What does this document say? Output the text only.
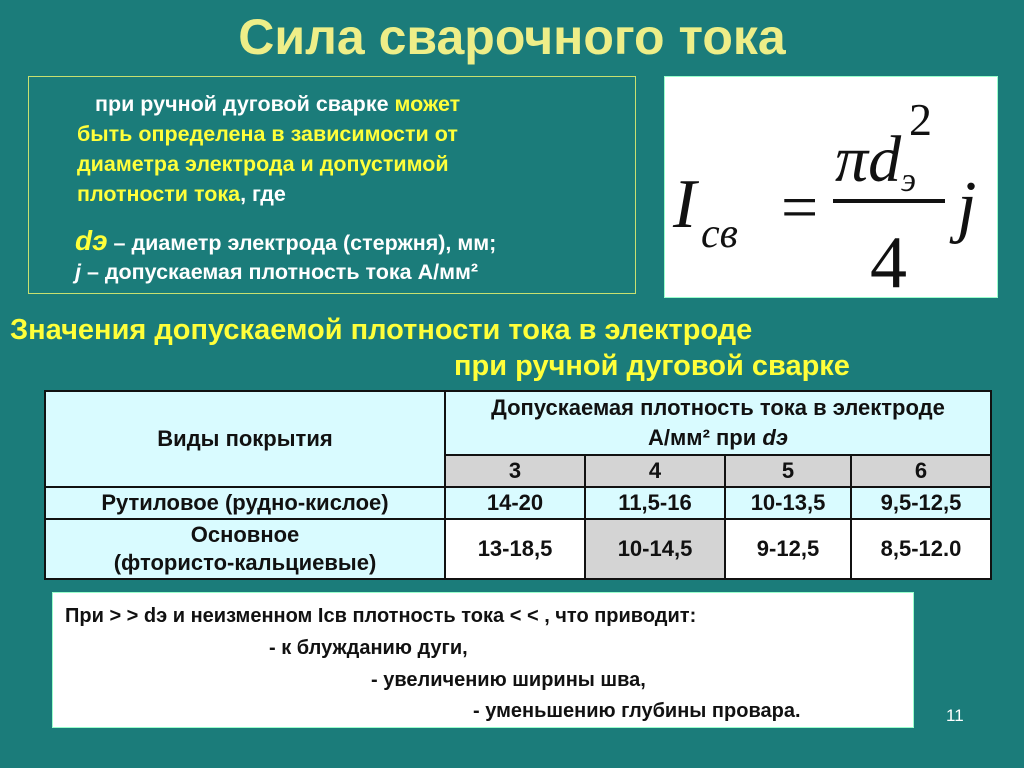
Сила сварочного тока
при ручной дуговой сварке может
быть определена в зависимости от
диаметра электрода и допустимой
плотности тока, где
dэ – диаметр электрода (стержня), мм;
j – допускаемая плотность тока А/мм²
I св =
πd
2
э
4
j
Значения допускаемой плотности тока в электроде
при ручной дуговой сварке
Виды покрытия	Допускаемая плотность тока в электроде
А/мм² при dэ			
	3	4	5	6
Рутиловое (рудно-кислое)	14-20	11,5-16	10-13,5	9,5-12,5
Основное
(фтористо-кальциевые)	13-18,5	10-14,5	9-12,5	8,5-12.0
При > > dэ и неизменном Iсв плотность тока < < , что приводит:
- к блужданию дуги,
- увеличению ширины шва,
- уменьшению глубины провара.	11
